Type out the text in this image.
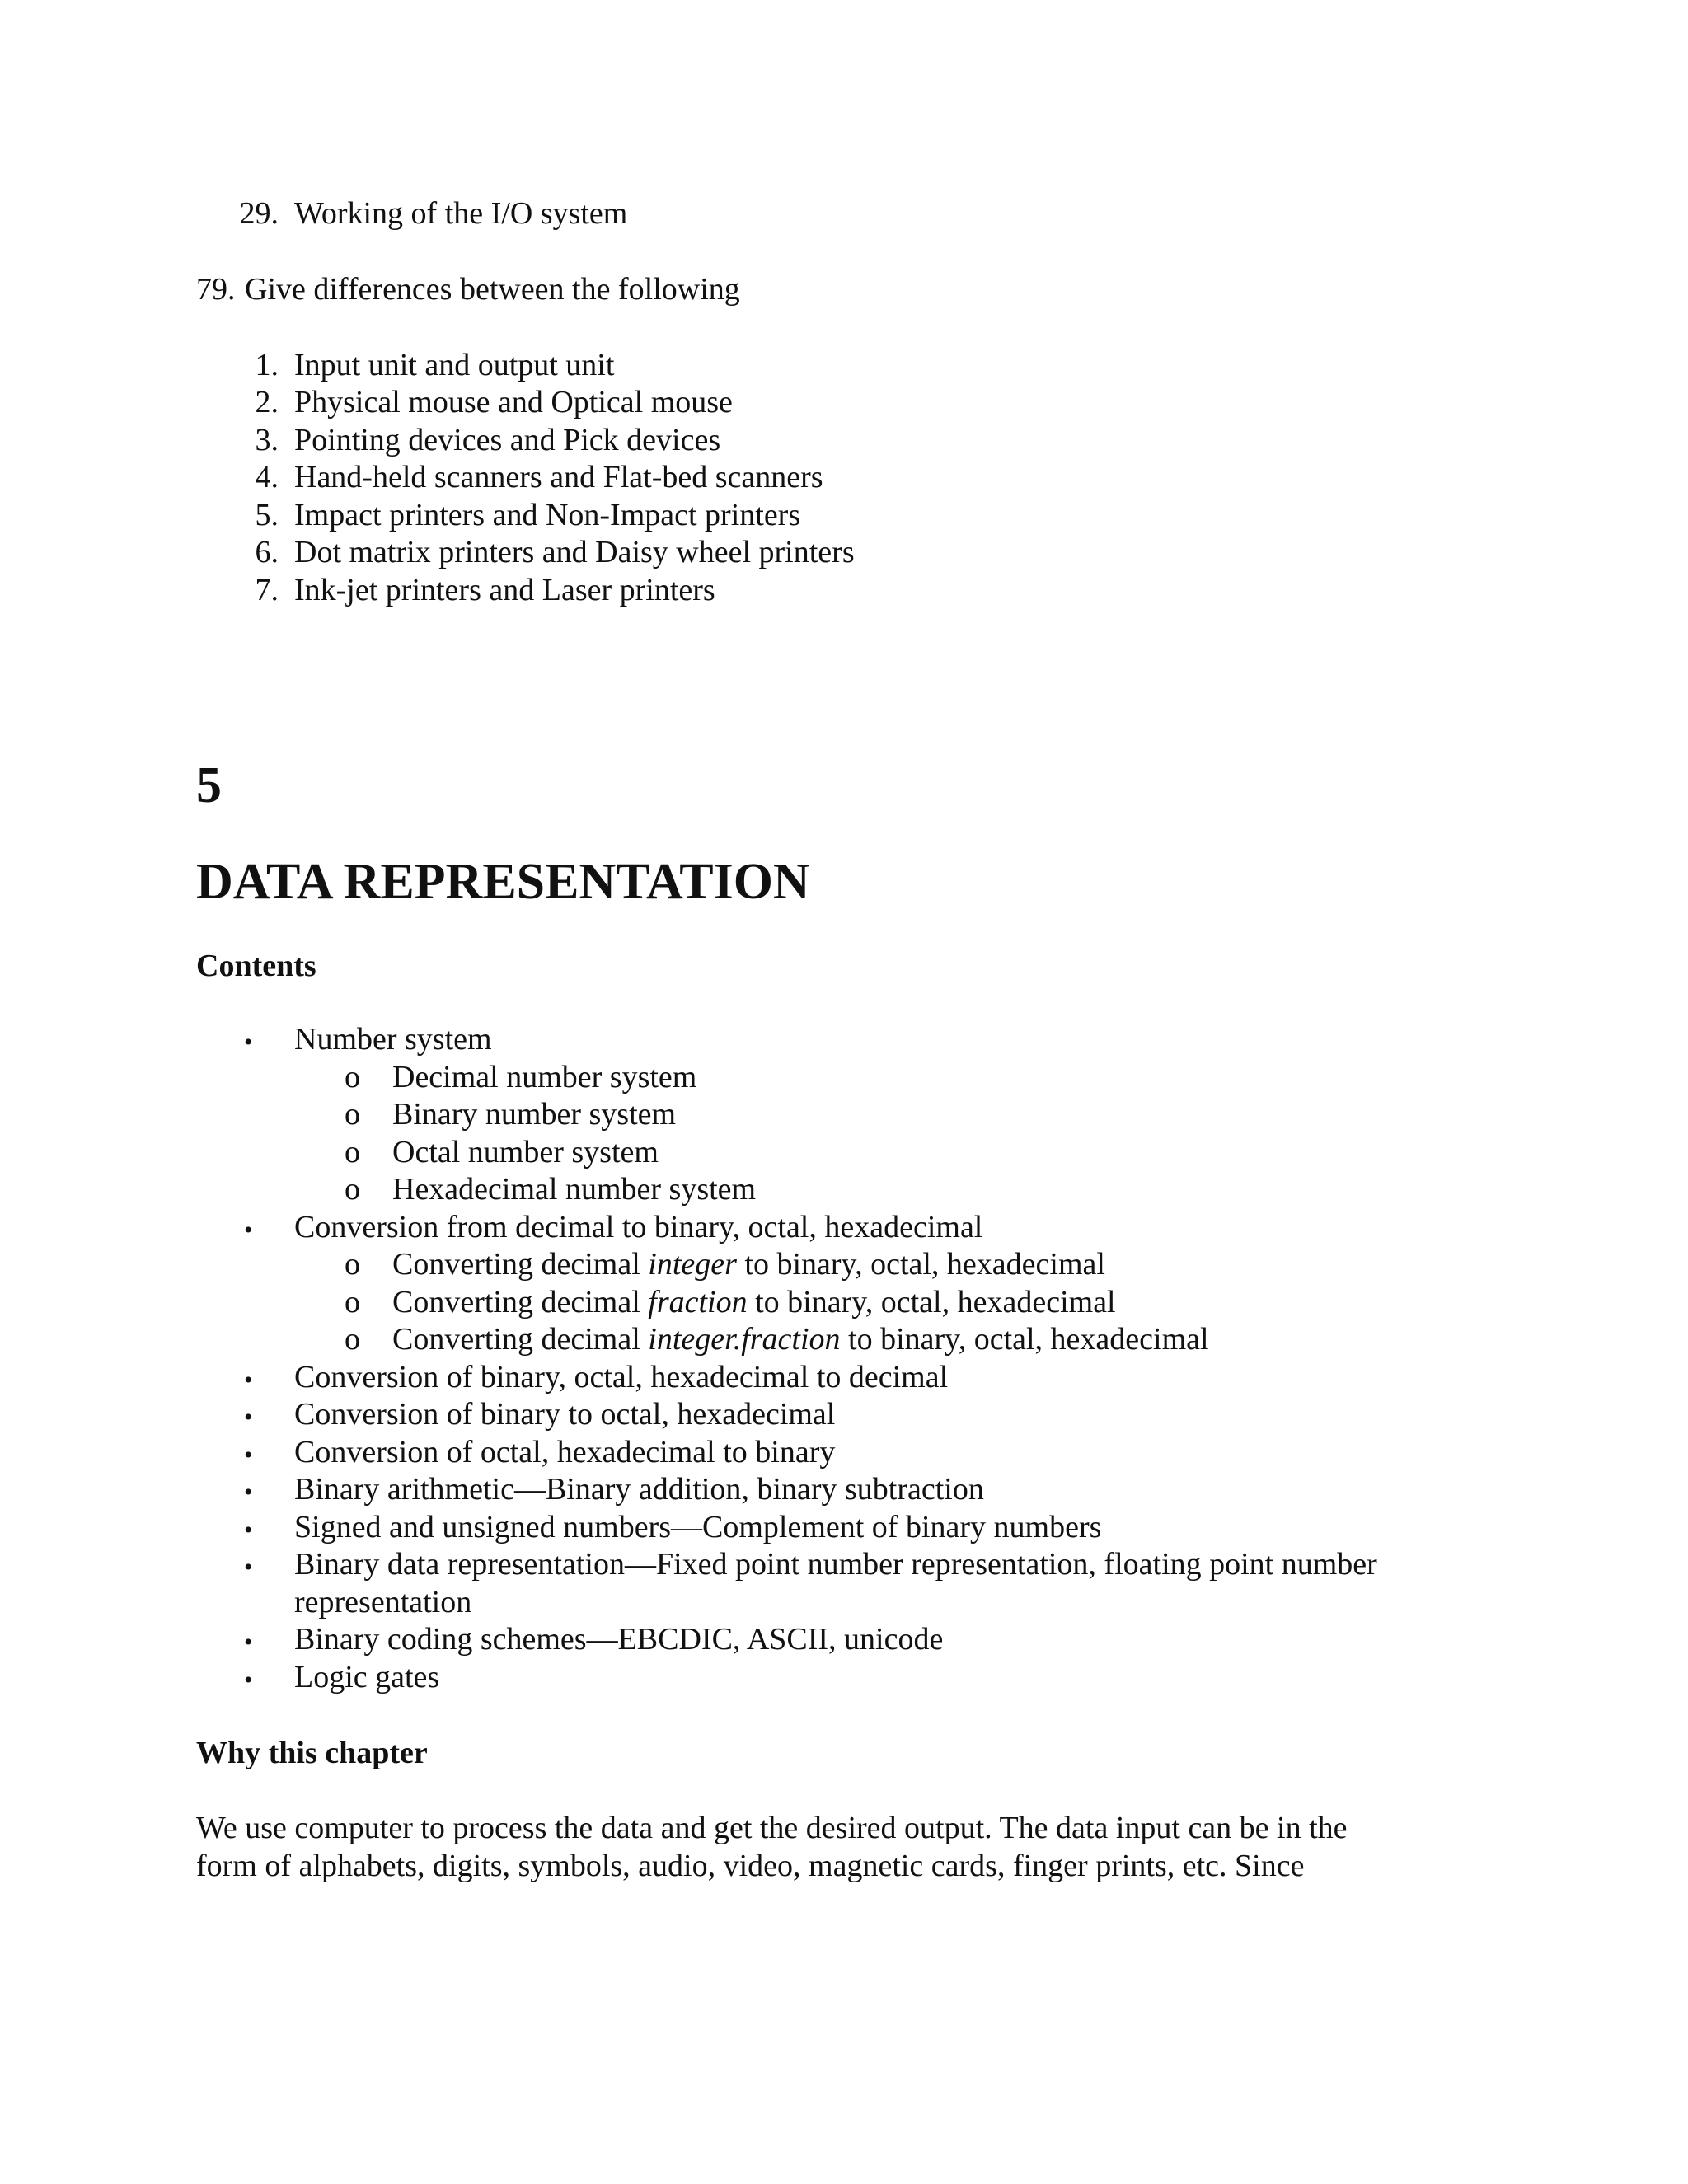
29. Working of the I/O system
79. Give differences between the following
1. Input unit and output unit
2. Physical mouse and Optical mouse
3. Pointing devices and Pick devices
4. Hand-held scanners and Flat-bed scanners
5. Impact printers and Non-Impact printers
6. Dot matrix printers and Daisy wheel printers
7. Ink-jet printers and Laser printers
5
DATA REPRESENTATION
Contents
• Number system
o Decimal number system
o Binary number system
o Octal number system
o Hexadecimal number system
• Conversion from decimal to binary, octal, hexadecimal
o Converting decimal integer to binary, octal, hexadecimal
o Converting decimal fraction to binary, octal, hexadecimal
o Converting decimal integer.fraction to binary, octal, hexadecimal
• Conversion of binary, octal, hexadecimal to decimal
• Conversion of binary to octal, hexadecimal
• Conversion of octal, hexadecimal to binary
• Binary arithmetic—Binary addition, binary subtraction
• Signed and unsigned numbers—Complement of binary numbers
• Binary data representation—Fixed point number representation, floating point number
representation
• Binary coding schemes—EBCDIC, ASCII, unicode
• Logic gates
Why this chapter
We use computer to process the data and get the desired output. The data input can be in the
form of alphabets, digits, symbols, audio, video, magnetic cards, finger prints, etc. Since
